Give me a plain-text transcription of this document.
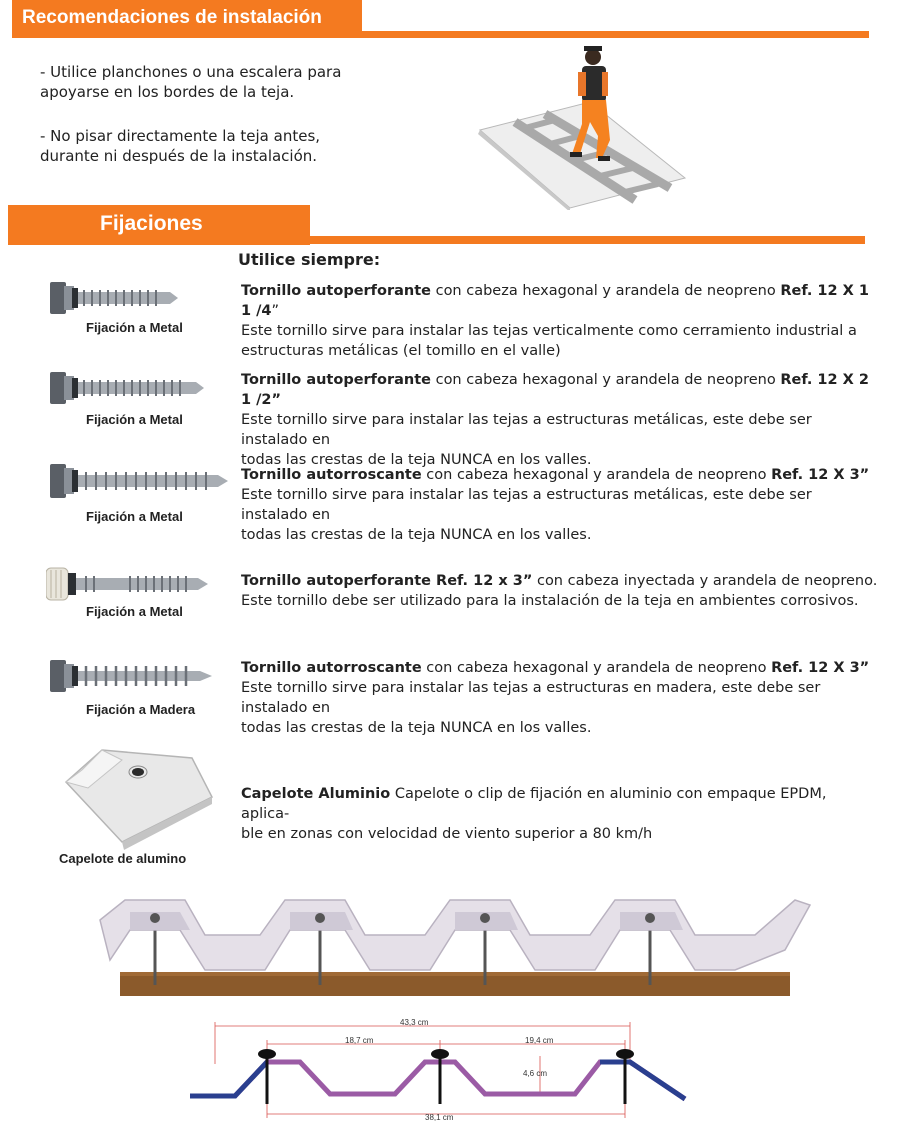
Recomendaciones de instalación
- Utilice planchones o una escalera para apoyarse en los bordes de la teja.
- No pisar directamente la teja antes, durante ni después de la instalación.
Fijaciones
Utilice siempre:
Fijación a Metal
Fijación a Metal
Fijación a Metal
Fijación a Metal
Fijación a Madera
Capelote de alumino
Tornillo autoperforante con cabeza hexagonal y arandela de neopreno Ref. 12 X 1 1 /4”
Este tornillo sirve para instalar las tejas verticalmente como cerramiento industrial a
estructuras metálicas (el tomillo en el valle)
Tornillo autoperforante con cabeza hexagonal y arandela de neopreno Ref. 12 X 2 1 /2”
Este tornillo sirve para instalar las tejas a estructuras metálicas, este debe ser instalado en
todas las crestas de la teja NUNCA en los valles.
Tornillo autorroscante con cabeza hexagonal y arandela de neopreno Ref. 12 X 3”
Este tornillo sirve para instalar las tejas a estructuras metálicas, este debe ser instalado en
todas las crestas de la teja NUNCA en los valles.
Tornillo autoperforante Ref. 12 x 3” con cabeza inyectada y arandela de neopreno.
Este tornillo debe ser utilizado para la instalación de la teja en ambientes corrosivos.
Tornillo autorroscante con cabeza hexagonal y arandela de neopreno Ref. 12 X 3”
Este tornillo sirve para instalar las tejas a estructuras en madera, este debe ser instalado en
todas las crestas de la teja NUNCA en los valles.
Capelote Aluminio Capelote o clip de fijación en aluminio con empaque EPDM, aplica-
ble en zonas con velocidad de viento superior a 80 km/h
43,3 cm
18,7 cm	19,4 cm
4,6 cm
38,1 cm
